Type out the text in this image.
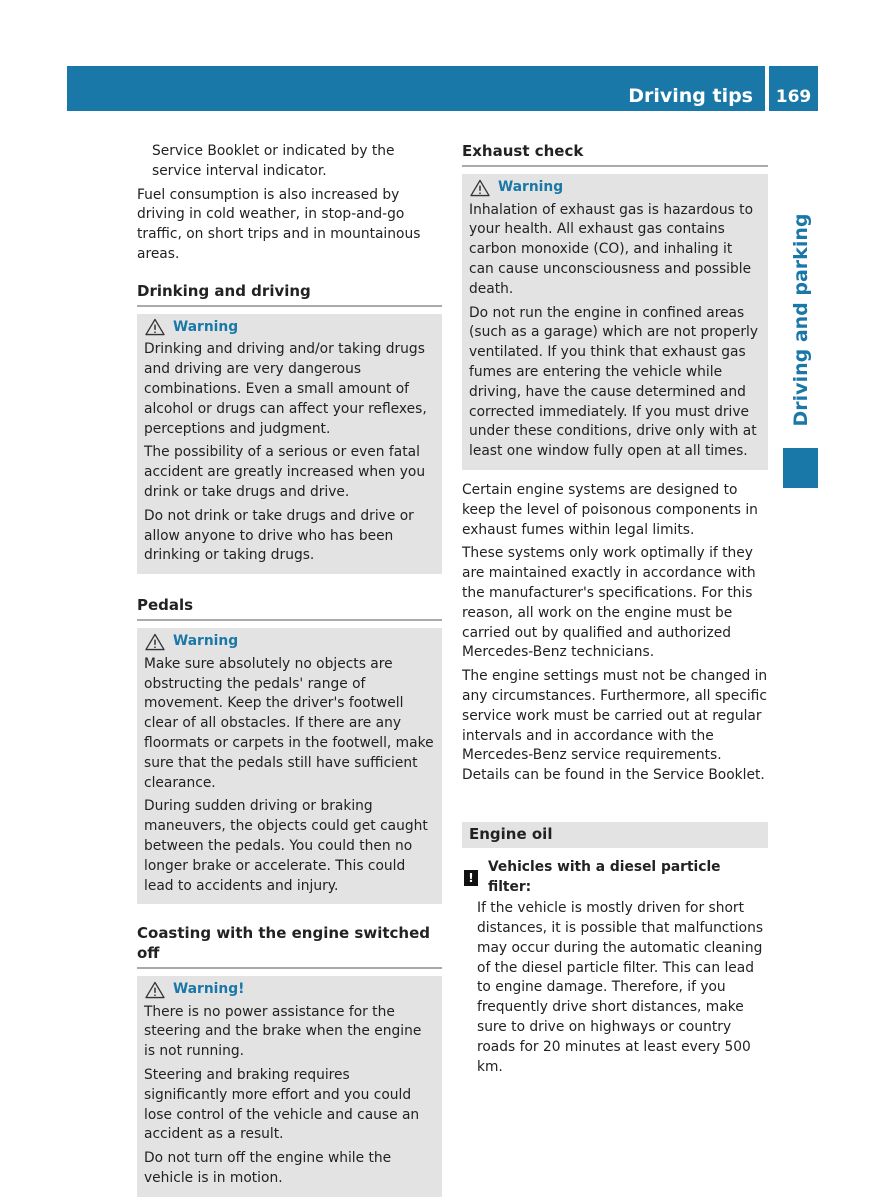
Driving tips	169
Driving and parking

Service Booklet or indicated by the service interval indicator.

Fuel consumption is also increased by driving in cold weather, in stop-and-go traffic, on short trips and in mountainous areas.

Drinking and driving
Warning

Drinking and driving and/or taking drugs and driving are very dangerous combinations. Even a small amount of alcohol or drugs can affect your reflexes, perceptions and judgment.

The possibility of a serious or even fatal accident are greatly increased when you drink or take drugs and drive.

Do not drink or take drugs and drive or allow anyone to drive who has been drinking or taking drugs.

Pedals
Warning

Make sure absolutely no objects are obstructing the pedals' range of movement. Keep the driver's footwell clear of all obstacles. If there are any floormats or carpets in the footwell, make sure that the pedals still have sufficient clearance.

During sudden driving or braking maneuvers, the objects could get caught between the pedals. You could then no longer brake or accelerate. This could lead to accidents and injury.

Coasting with the engine switched off
Warning!

There is no power assistance for the steering and the brake when the engine is not running.

Steering and braking requires significantly more effort and you could lose control of the vehicle and cause an accident as a result.

Do not turn off the engine while the vehicle is in motion.

Exhaust check
Warning

Inhalation of exhaust gas is hazardous to your health. All exhaust gas contains carbon monoxide (CO), and inhaling it can cause unconsciousness and possible death.

Do not run the engine in confined areas (such as a garage) which are not properly ventilated. If you think that exhaust gas fumes are entering the vehicle while driving, have the cause determined and corrected immediately. If you must drive under these conditions, drive only with at least one window fully open at all times.

Certain engine systems are designed to keep the level of poisonous components in exhaust fumes within legal limits.

These systems only work optimally if they are maintained exactly in accordance with the manufacturer's specifications. For this reason, all work on the engine must be carried out by qualified and authorized Mercedes-Benz technicians.

The engine settings must not be changed in any circumstances. Furthermore, all specific service work must be carried out at regular intervals and in accordance with the Mercedes-Benz service requirements. Details can be found in the Service Booklet.

Engine oil
!
Vehicles with a diesel particle filter:

If the vehicle is mostly driven for short distances, it is possible that malfunctions may occur during the automatic cleaning of the diesel particle filter. This can lead to engine damage. Therefore, if you frequently drive short distances, make sure to drive on highways or country roads for 20 minutes at least every 500 km.
